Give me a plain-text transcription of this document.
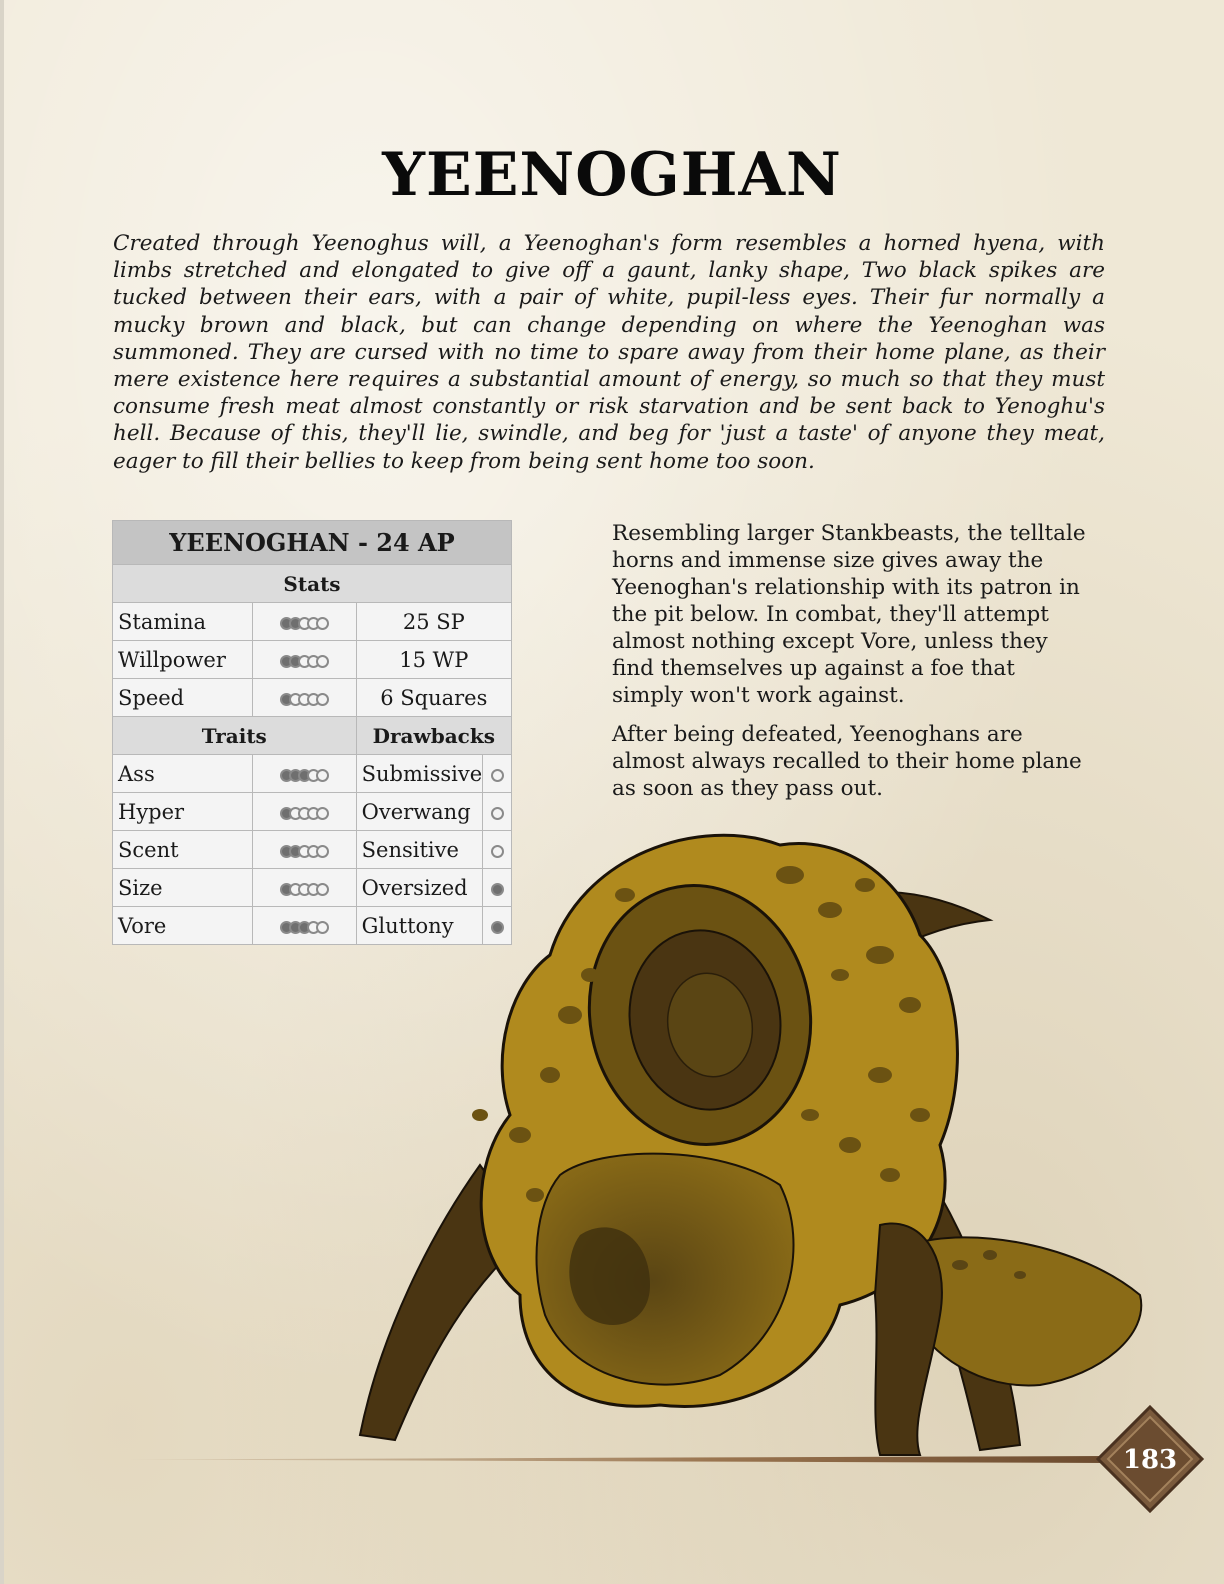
YEENOGHAN

Created through Yeenoghus will, a Yeenoghan's form resembles a horned hyena, with limbs stretched and elongated to give off a gaunt, lanky shape, Two black spikes are tucked between their ears, with a pair of white, pupil-less eyes. Their fur normally a mucky brown and black, but can change depending on where the Yeenoghan was summoned. They are cursed with no time to spare away from their home plane, as their mere existence here requires a substantial amount of energy, so much so that they must consume fresh meat almost constantly or risk starvation and be sent back to Yenoghu's hell. Because of this, they'll lie, swindle, and beg for 'just a taste' of anyone they meat, eager to fill their bellies to keep from being sent home too soon.

YEENOGHAN - 24 AP			
Stats			
Stamina		25 SP	
Willpower		15 WP	
Speed		6 Squares	
Traits		Drawbacks	
Ass		Submissive	
Hyper		Overwang	
Scent		Sensitive	
Size		Oversized	
Vore		Gluttony	

Resembling larger Stankbeasts, the telltale horns and immense size gives away the Yeenoghan's relationship with its patron in the pit below. In combat, they'll attempt almost nothing except Vore, unless they find themselves up against a foe that simply won't work against.

After being defeated, Yeenoghans are almost always recalled to their home plane as soon as they pass out.

183
